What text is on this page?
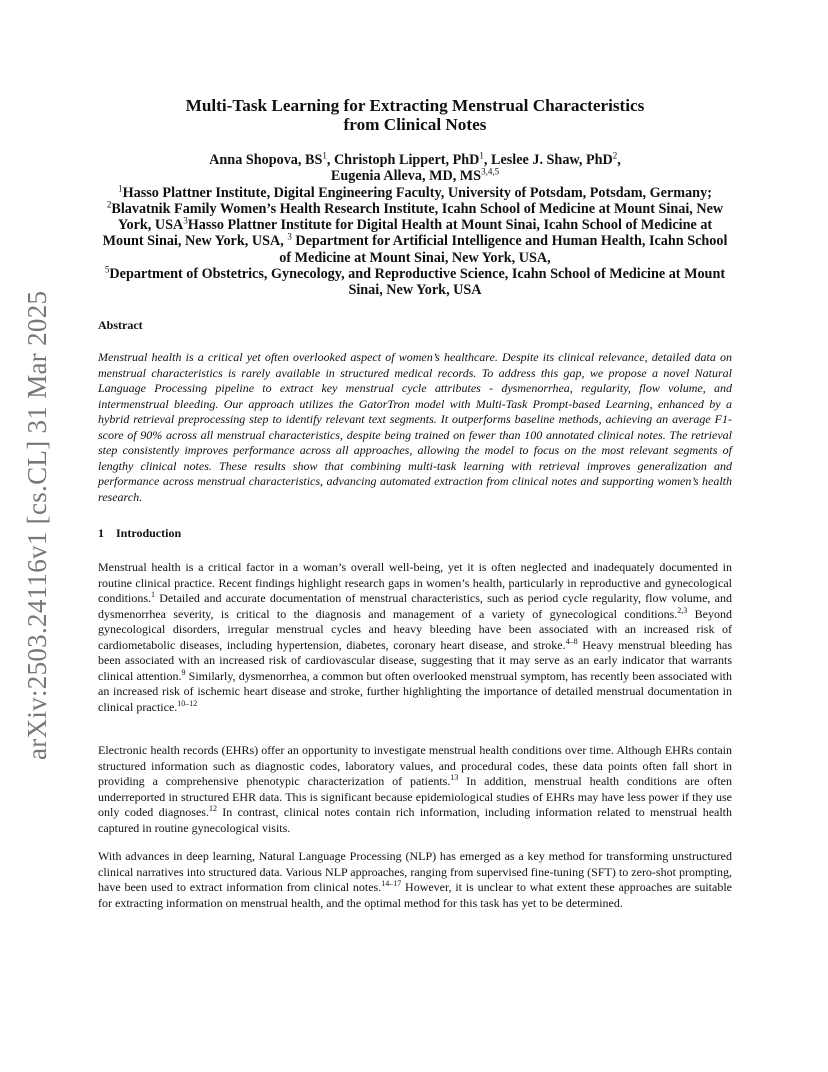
arXiv:2503.24116v1 [cs.CL] 31 Mar 2025
Multi-Task Learning for Extracting Menstrual Characteristics
from Clinical Notes
Anna Shopova, $BS^1$, Christoph Lippert, PhD$^1$, Leslee J. Shaw, PhD$^2$,
Eugenia Alleva, MD, MS$^{3,4,5}$
$^1$Hasso Plattner Institute, Digital Engineering Faculty, University of Potsdam, Potsdam, Germany; $^2$Blavatnik Family Women’s Health Research Institute, Icahn School of Medicine at Mount Sinai, New York, USA$^3$Hasso Plattner Institute for Digital Health at Mount Sinai, Icahn School of Medicine at Mount Sinai, New York, USA, $^3$ Department for Artificial Intelligence and Human Health, Icahn School of Medicine at Mount Sinai, New York, USA,
$^5$Department of Obstetrics, Gynecology, and Reproductive Science, Icahn School of Medicine at Mount Sinai, New York, USA
Abstract
Menstrual health is a critical yet often overlooked aspect of women’s healthcare. Despite its clinical relevance, detailed data on menstrual characteristics is rarely available in structured medical records. To address this gap, we propose a novel Natural Language Processing pipeline to extract key menstrual cycle attributes - dysmenorrhea, regularity, flow volume, and intermenstrual bleeding. Our approach utilizes the GatorTron model with Multi-Task Prompt-based Learning, enhanced by a hybrid retrieval preprocessing step to identify relevant text segments. It outperforms baseline methods, achieving an average F1-score of 90% across all menstrual characteristics, despite being trained on fewer than 100 annotated clinical notes. The retrieval step consistently improves performance across all approaches, allowing the model to focus on the most relevant segments of lengthy clinical notes. These results show that combining multi-task learning with retrieval improves generalization and performance across menstrual characteristics, advancing automated extraction from clinical notes and supporting women’s health research.
1 Introduction
Menstrual health is a critical factor in a woman’s overall well-being, yet it is often neglected and inadequately documented in routine clinical practice. Recent findings highlight research gaps in women’s health, particularly in reproductive and gynecological conditions.$^1$ Detailed and accurate documentation of menstrual characteristics, such as period cycle regularity, flow volume, and dysmenorrhea severity, is critical to the diagnosis and management of a variety of gynecological conditions.$^{2,3}$ Beyond gynecological disorders, irregular menstrual cycles and heavy bleeding have been associated with an increased risk of cardiometabolic diseases, including hypertension, diabetes, coronary heart disease, and stroke.$^{4-8}$ Heavy menstrual bleeding has been associated with an increased risk of cardiovascular disease, suggesting that it may serve as an early indicator that warrants clinical attention.$^9$ Similarly, dysmenorrhea, a common but often overlooked menstrual symptom, has recently been associated with an increased risk of ischemic heart disease and stroke, further highlighting the importance of detailed menstrual documentation in clinical practice.$^{10-12}$
Electronic health records (EHRs) offer an opportunity to investigate menstrual health conditions over time. Although EHRs contain structured information such as diagnostic codes, laboratory values, and procedural codes, these data points often fall short in providing a comprehensive phenotypic characterization of patients.$^{13}$ In addition, menstrual health conditions are often underreported in structured EHR data. This is significant because epidemiological studies of EHRs may have less power if they use only coded diagnoses.$^{12}$ In contrast, clinical notes contain rich information, including information related to menstrual health captured in routine gynecological visits.
With advances in deep learning, Natural Language Processing (NLP) has emerged as a key method for transforming unstructured clinical narratives into structured data. Various NLP approaches, ranging from supervised fine-tuning (SFT) to zero-shot prompting, have been used to extract information from clinical notes.$^{14-17}$ However, it is unclear to what extent these approaches are suitable for extracting information on menstrual health, and the optimal method for this task has yet to be determined.
